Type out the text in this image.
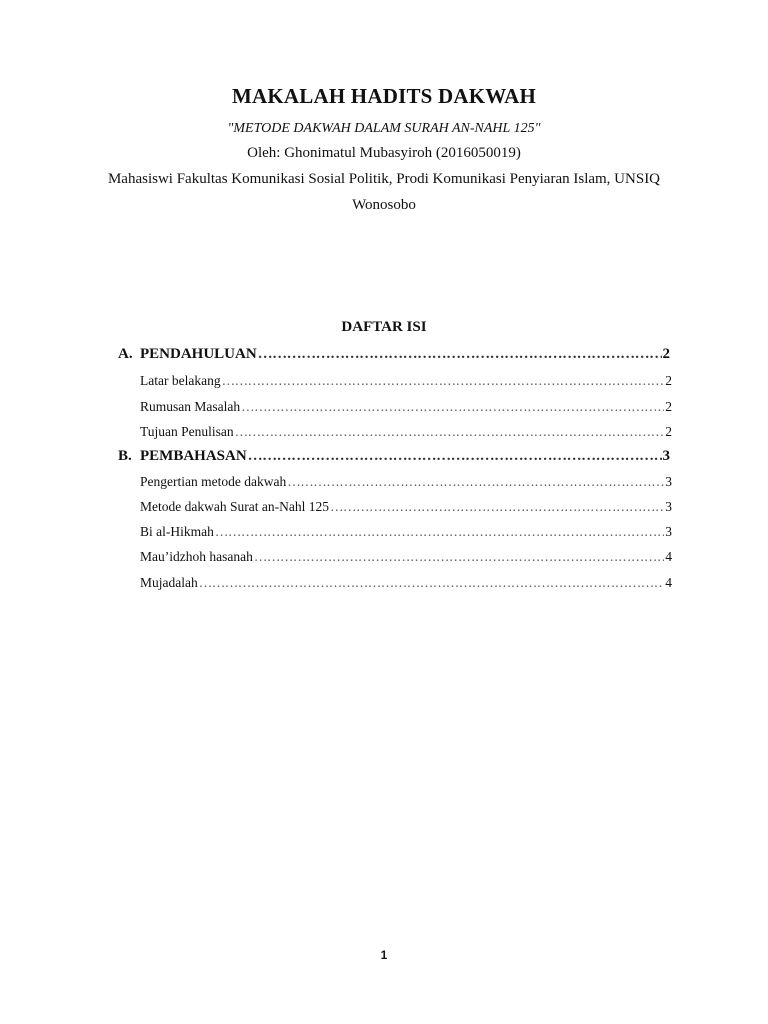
MAKALAH HADITS DAKWAH
"METODE DAKWAH DALAM SURAH AN-NAHL 125"
Oleh: Ghonimatul Mubasyiroh (2016050019)
Mahasiswi Fakultas Komunikasi Sosial Politik, Prodi Komunikasi Penyiaran Islam, UNSIQ
Wonosobo
DAFTAR ISI
A. PENDAHULUAN ……………………………………………………………………………………………………………………………………………………………………………………………………	2
Latar belakang ……………………………………………………………………………………………………………………………………………………………………………………………………	2
Rumusan Masalah ……………………………………………………………………………………………………………………………………………………………………………………………………	2
Tujuan Penulisan ……………………………………………………………………………………………………………………………………………………………………………………………………	2
B. PEMBAHASAN ……………………………………………………………………………………………………………………………………………………………………………………………………	3
Pengertian metode dakwah ……………………………………………………………………………………………………………………………………………………………………………………………………	3
Metode dakwah Surat an-Nahl 125 ……………………………………………………………………………………………………………………………………………………………………………………………………	3
Bi al-Hikmah ……………………………………………………………………………………………………………………………………………………………………………………………………	3
Mau’idzhoh hasanah ……………………………………………………………………………………………………………………………………………………………………………………………………	4
Mujadalah ……………………………………………………………………………………………………………………………………………………………………………………………………	4
1
